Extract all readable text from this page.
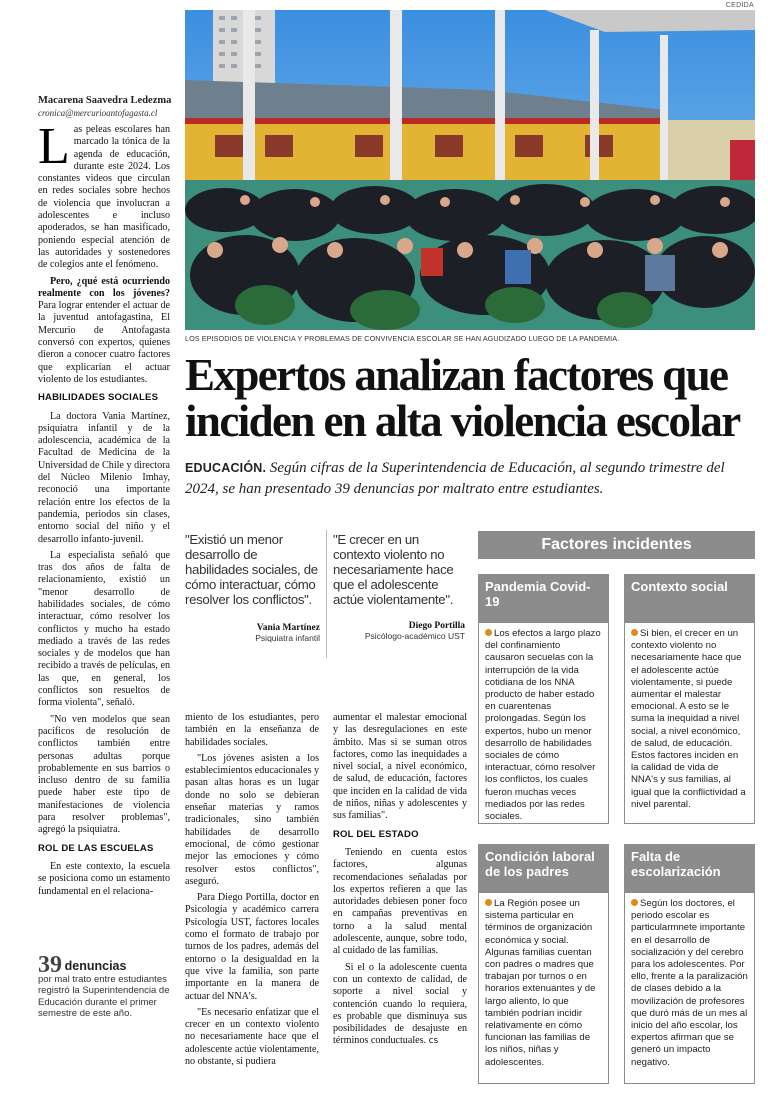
CEDIDA
LOS EPISODIOS DE VIOLENCIA Y PROBLEMAS DE CONVIVENCIA ESCOLAR SE HAN AGUDIZADO LUEGO DE LA PANDEMIA.
Macarena Saavedra Ledezma
cronica@mercurioantofagasta.cl

Las peleas escolares han marcado la tónica de la agenda de educación, durante este 2024. Los constantes videos que circulan en redes sociales sobre hechos de violencia que involucran a adolescentes e incluso apoderados, se han masificado, poniendo especial atención de las autoridades y sostenedores de colegios ante el fenómeno.

Pero, ¿qué está ocurriendo realmente con los jóvenes? Para lograr entender el actuar de la juventud antofagastina, El Mercurio de Antofagasta conversó con expertos, quienes dieron a conocer cuatro factores que explicarían el actuar violento de los estudiantes.

HABILIDADES SOCIALES

La doctora Vania Martínez, psiquiatra infantil y de la adolescencia, académica de la Facultad de Medicina de la Universidad de Chile y directora del Núcleo Milenio Imhay, reconoció una importante relación entre los efectos de la pandemia, periodos sin clases, entorno social del niño y el desarrollo infanto-juvenil.

La especialista señaló que tras dos años de falta de relacionamiento, existió un "menor desarrollo de habilidades sociales, de cómo interactuar, cómo resolver los conflictos y mucho ha estado mediado a través de las redes sociales y de modelos que han recibido a través de películas, en las que, en general, los conflictos son resueltos de forma violenta", señaló.

"No ven modelos que sean pacíficos de resolución de conflictos también entre personas adultas porque probablemente en sus barrios o incluso dentro de su familia puede haber este tipo de manifestaciones de violencia para resolver problemas", agregó la psiquiatra.

ROL DE LAS ESCUELAS

En este contexto, la escuela se posiciona como un estamento fundamental en el relaciona-

39 denuncias
por mal trato entre estudiantes registró la Superintendencia de Educación durante el primer semestre de este año.
Expertos analizan factores que inciden en alta violencia escolar
EDUCACIÓN. Según cifras de la Superintendencia de Educación, al segundo trimestre del 2024, se han presentado 39 denuncias por maltrato entre estudiantes.
"Existió un menor desarrollo de habilidades sociales, de cómo interactuar, cómo resolver los conflictos".
Vania Martínez
Psiquiatra infantil
"E crecer en un contexto violento no necesariamente hace que el adolescente actúe violentamente".
Diego Portilla
Psicólogo-académico UST

miento de los estudiantes, pero también en la enseñanza de habilidades sociales.

"Los jóvenes asisten a los establecimientos educacionales y pasan altas horas es un lugar donde no solo se debieran enseñar materias y ramos tradicionales, sino también habilidades de desarrollo emocional, de cómo gestionar mejor las emociones y cómo resolver estos conflictos", aseguró.

Para Diego Portilla, doctor en Psicología y académico carrera Psicología UST, factores locales como el formato de trabajo por turnos de los padres, además del entorno o la desigualdad en la que vive la familia, son parte importante en la manera de actuar del NNA's.

"Es necesario enfatizar que el crecer en un contexto violento no necesariamente hace que el adolescente actúe violentamente, no obstante, si pudiera

aumentar el malestar emocional y las desregulaciones en este ámbito. Mas si se suman otros factores, como las inequidades a nivel social, a nivel económico, de salud, de educación, factores que inciden en la calidad de vida de niños, niñas y adolescentes y sus familias".

ROL DEL ESTADO

Teniendo en cuenta estos factores, algunas recomendaciones señaladas por los expertos refieren a que las autoridades debiesen poner foco en campañas preventivas en torno a la salud mental adolescente, aunque, sobre todo, al cuidado de las familias.

Si el o la adolescente cuenta con un contexto de calidad, de soporte a nivel social y contención cuando lo requiera, es probable que disminuya sus posibilidades de desajuste en términos conductuales. cs

Factores incidentes
Pandemia Covid-19
Los efectos a largo plazo del confinamiento causaron secuelas con la interrupción de la vida cotidiana de los NNA producto de haber estado en cuarentenas prolongadas. Según los expertos, hubo un menor desarrollo de habilidades sociales de cómo interactuar, cómo resolver los conflictos, los cuales fueron muchas veces mediados por las redes sociales.
Contexto social
Si bien, el crecer en un contexto violento no necesariamente hace que el adolescente actúe violentamente, si puede aumentar el malestar emocional. A esto se le suma la inequidad a nivel social, a nivel económico, de salud, de educación. Estos factores inciden en la calidad de vida de NNA's y sus familias, al igual que la conflictividad a nivel parental.
Condición laboral de los padres
La Región posee un sistema particular en términos de organización económica y social. Algunas familias cuentan con padres o madres que trabajan por turnos o en horarios extenuantes y de largo aliento, lo que también podrían incidir relativamente en cómo funcionan las familias de los niños, niñas y adolescentes.
Falta de escolarización
Según los doctores, el periodo escolar es particularmnete importante en el desarrollo de socialización y del cerebro para los adolescentes. Por ello, frente a la paralización de clases debido a la movilización de profesores que duró más de un mes al inicio del año escolar, los expertos afirman que se generó un impacto negativo.
